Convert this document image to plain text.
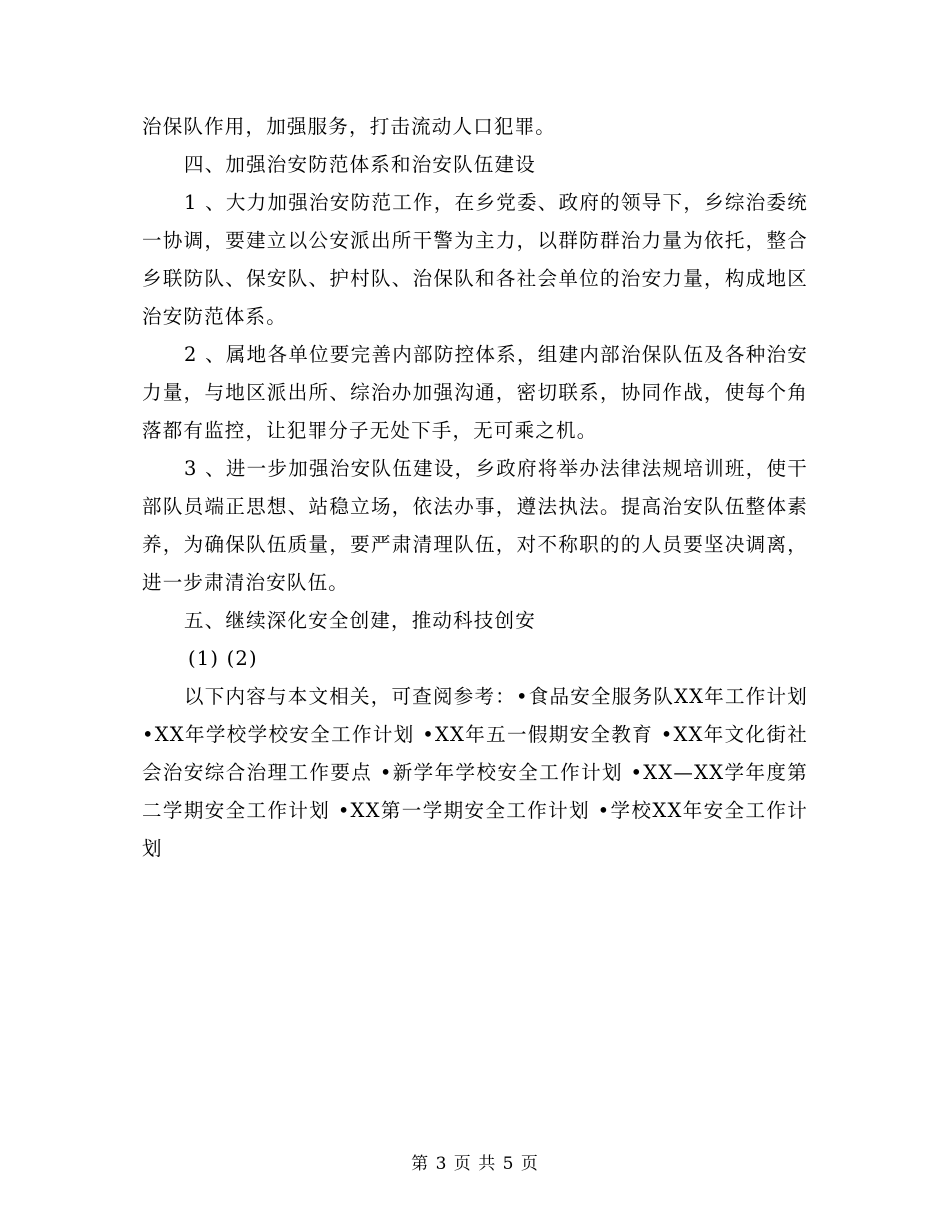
治保队作用，加强服务，打击流动人口犯罪。

四、加强治安防范体系和治安队伍建设

1 、大力加强治安防范工作，在乡党委、政府的领导下，乡综治委统一协调，要建立以公安派出所干警为主力，以群防群治力量为依托，整合乡联防队、保安队、护村队、治保队和各社会单位的治安力量，构成地区治安防范体系。

2 、属地各单位要完善内部防控体系，组建内部治保队伍及各种治安力量，与地区派出所、综治办加强沟通，密切联系，协同作战，使每个角落都有监控，让犯罪分子无处下手，无可乘之机。

3 、进一步加强治安队伍建设，乡政府将举办法律法规培训班，使干部队员端正思想、站稳立场，依法办事，遵法执法。提高治安队伍整体素养，为确保队伍质量，要严肃清理队伍，对不称职的的人员要坚决调离，进一步肃清治安队伍。

五、继续深化安全创建，推动科技创安

(1) (2)

以下内容与本文相关，可查阅参考：•食品安全服务队XX年工作计划 •XX年学校学校安全工作计划 •XX年五一假期安全教育 •XX年文化街社会治安综合治理工作要点 •新学年学校安全工作计划 •XX—XX学年度第二学期安全工作计划 •XX第一学期安全工作计划 •学校XX年安全工作计划

第 3 页 共 5 页
